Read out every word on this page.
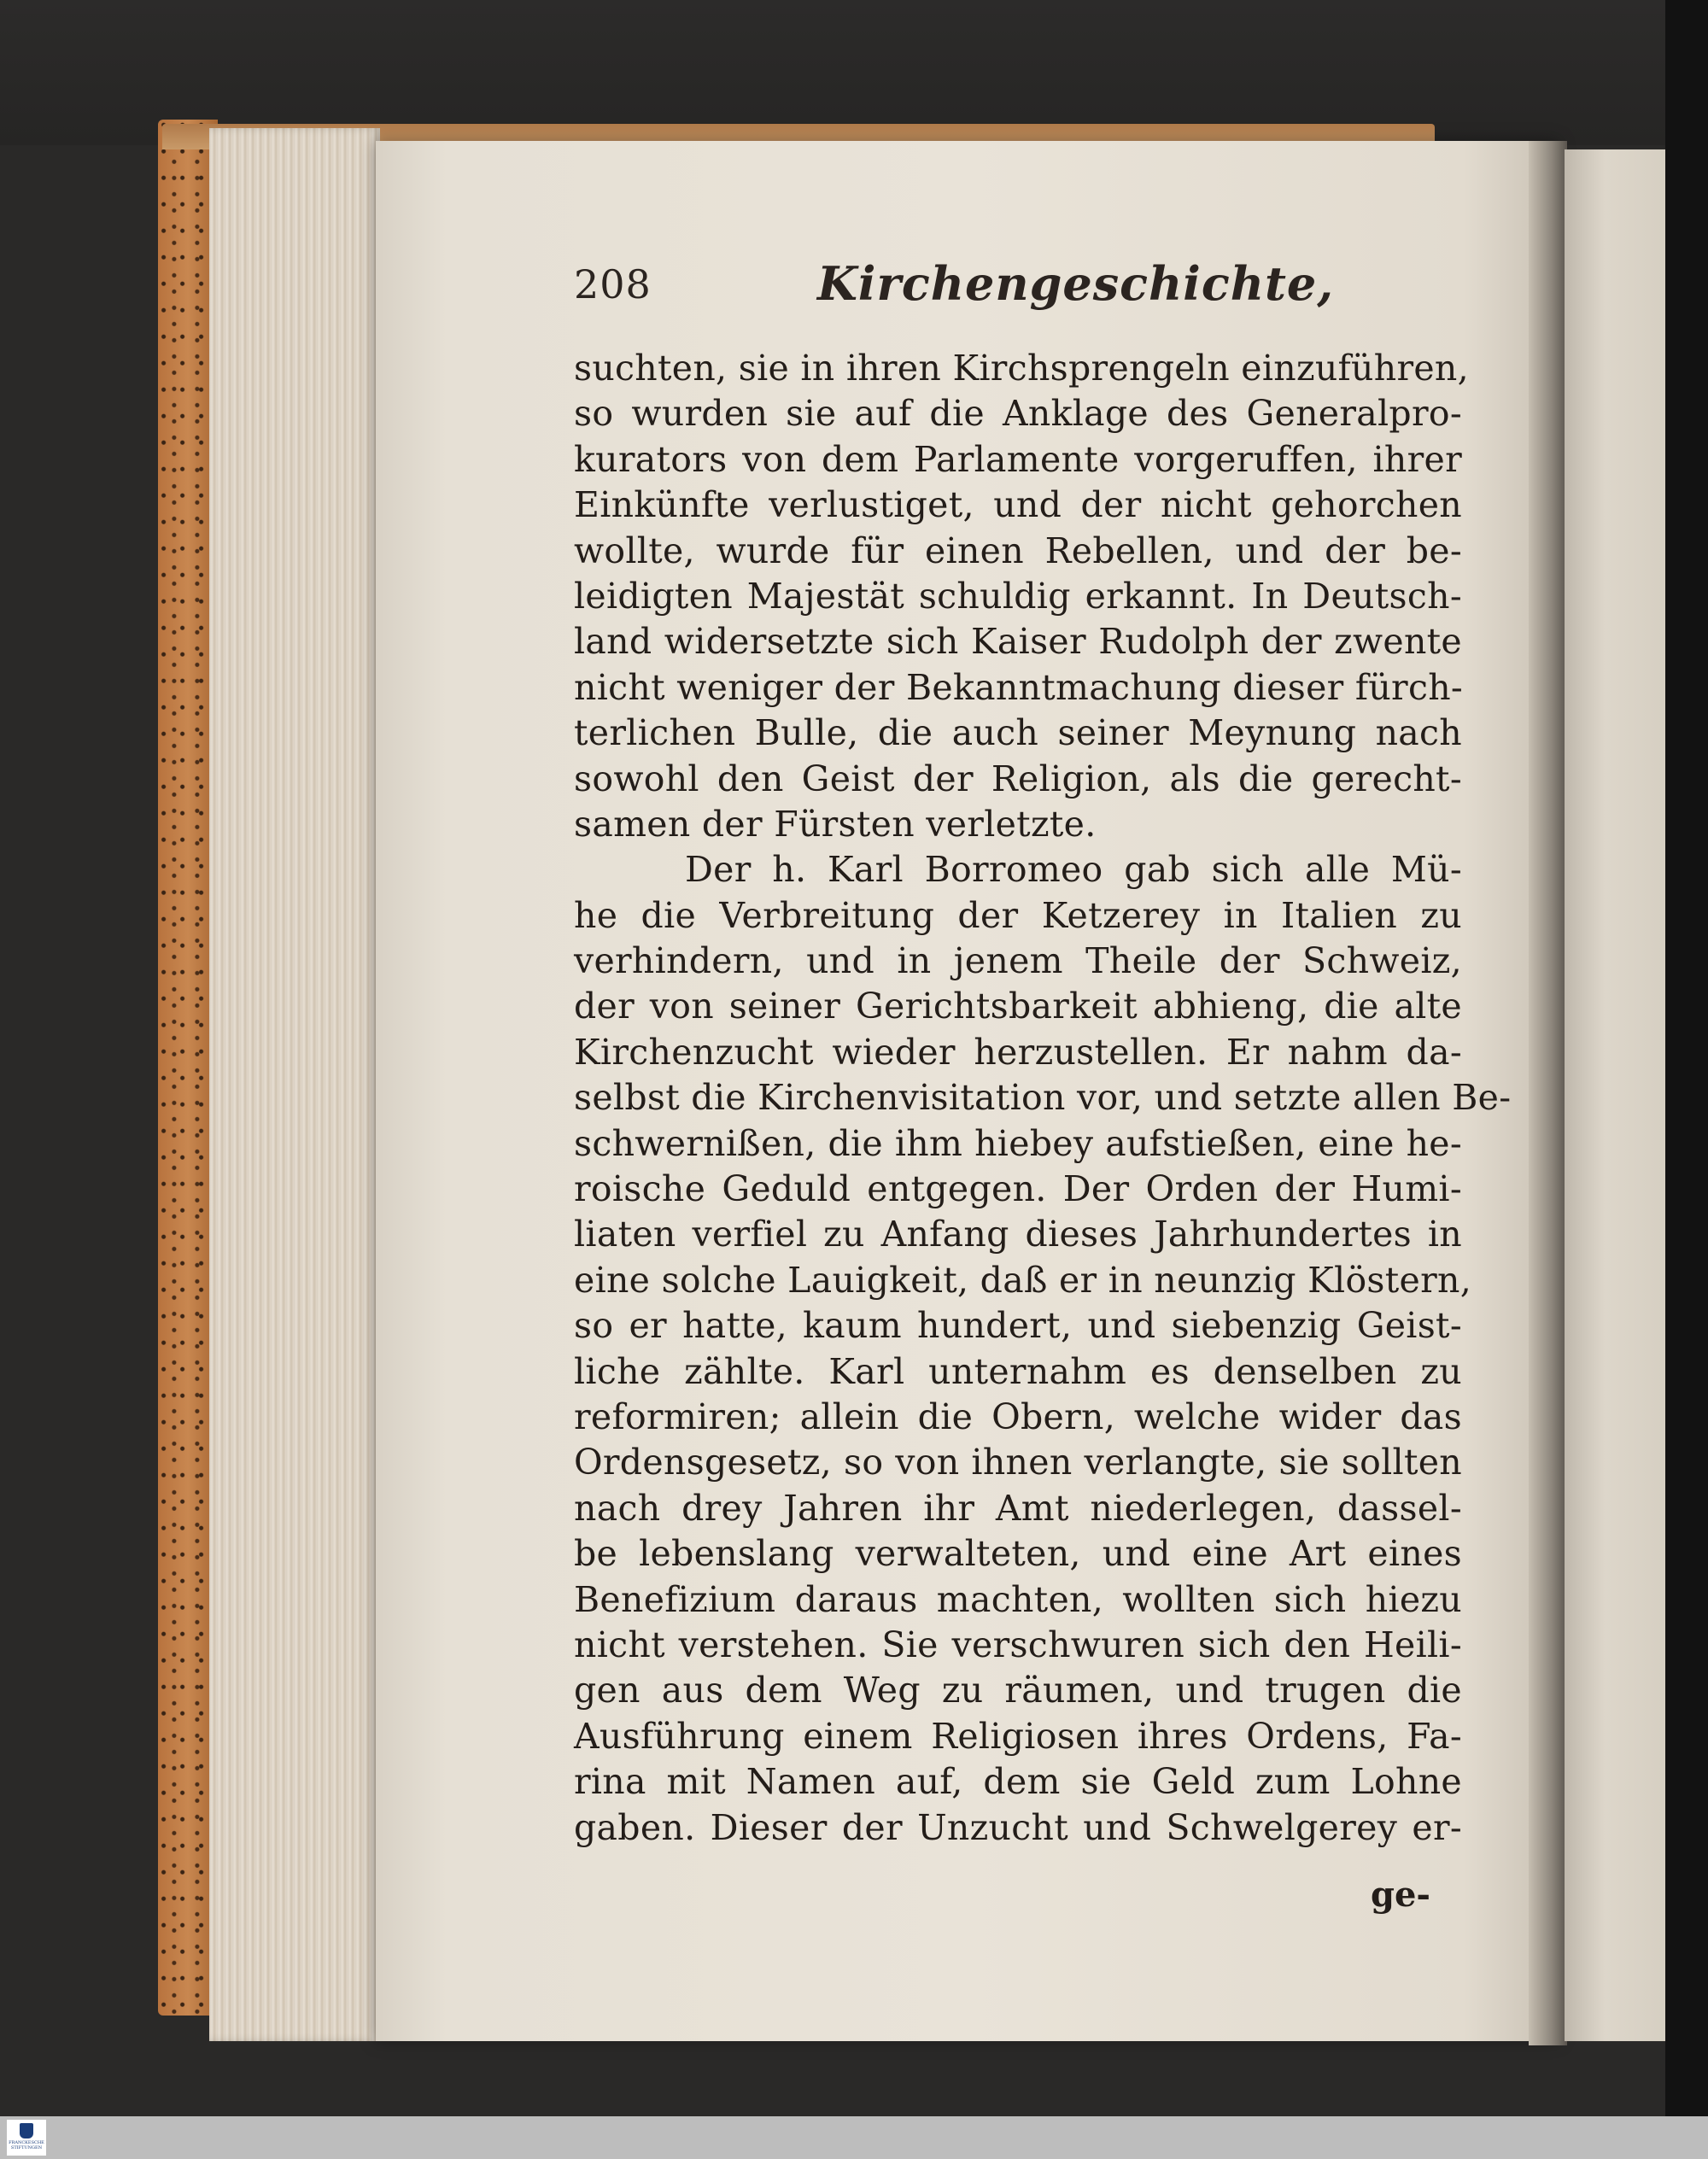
208	Kirchengeschichte,
suchten, sie in ihren Kirchsprengeln einzuführen,
so wurden sie auf die Anklage des Generalpro-
kurators von dem Parlamente vorgeruffen, ihrer
Einkünfte verlustiget, und der nicht gehorchen
wollte, wurde für einen Rebellen, und der be-
leidigten Majestät schuldig erkannt. In Deutsch-
land widersetzte sich Kaiser Rudolph der zwente
nicht weniger der Bekanntmachung dieser fürch-
terlichen Bulle, die auch seiner Meynung nach
sowohl den Geist der Religion, als die gerecht-
samen der Fürsten verletzte.
Der h. Karl Borromeo gab sich alle Mü-
he die Verbreitung der Ketzerey in Italien zu
verhindern, und in jenem Theile der Schweiz,
der von seiner Gerichtsbarkeit abhieng, die alte
Kirchenzucht wieder herzustellen. Er nahm da-
selbst die Kirchenvisitation vor, und setzte allen Be-
schwernißen, die ihm hiebey aufstießen, eine he-
roische Geduld entgegen. Der Orden der Humi-
liaten verfiel zu Anfang dieses Jahrhundertes in
eine solche Lauigkeit, daß er in neunzig Klöstern,
so er hatte, kaum hundert, und siebenzig Geist-
liche zählte. Karl unternahm es denselben zu
reformiren; allein die Obern, welche wider das
Ordensgesetz, so von ihnen verlangte, sie sollten
nach drey Jahren ihr Amt niederlegen, dassel-
be lebenslang verwalteten, und eine Art eines
Benefizium daraus machten, wollten sich hiezu
nicht verstehen. Sie verschwuren sich den Heili-
gen aus dem Weg zu räumen, und trugen die
Ausführung einem Religiosen ihres Ordens, Fa-
rina mit Namen auf, dem sie Geld zum Lohne
gaben. Dieser der Unzucht und Schwelgerey er-
ge-
FRANCKESCHE STIFTUNGEN
